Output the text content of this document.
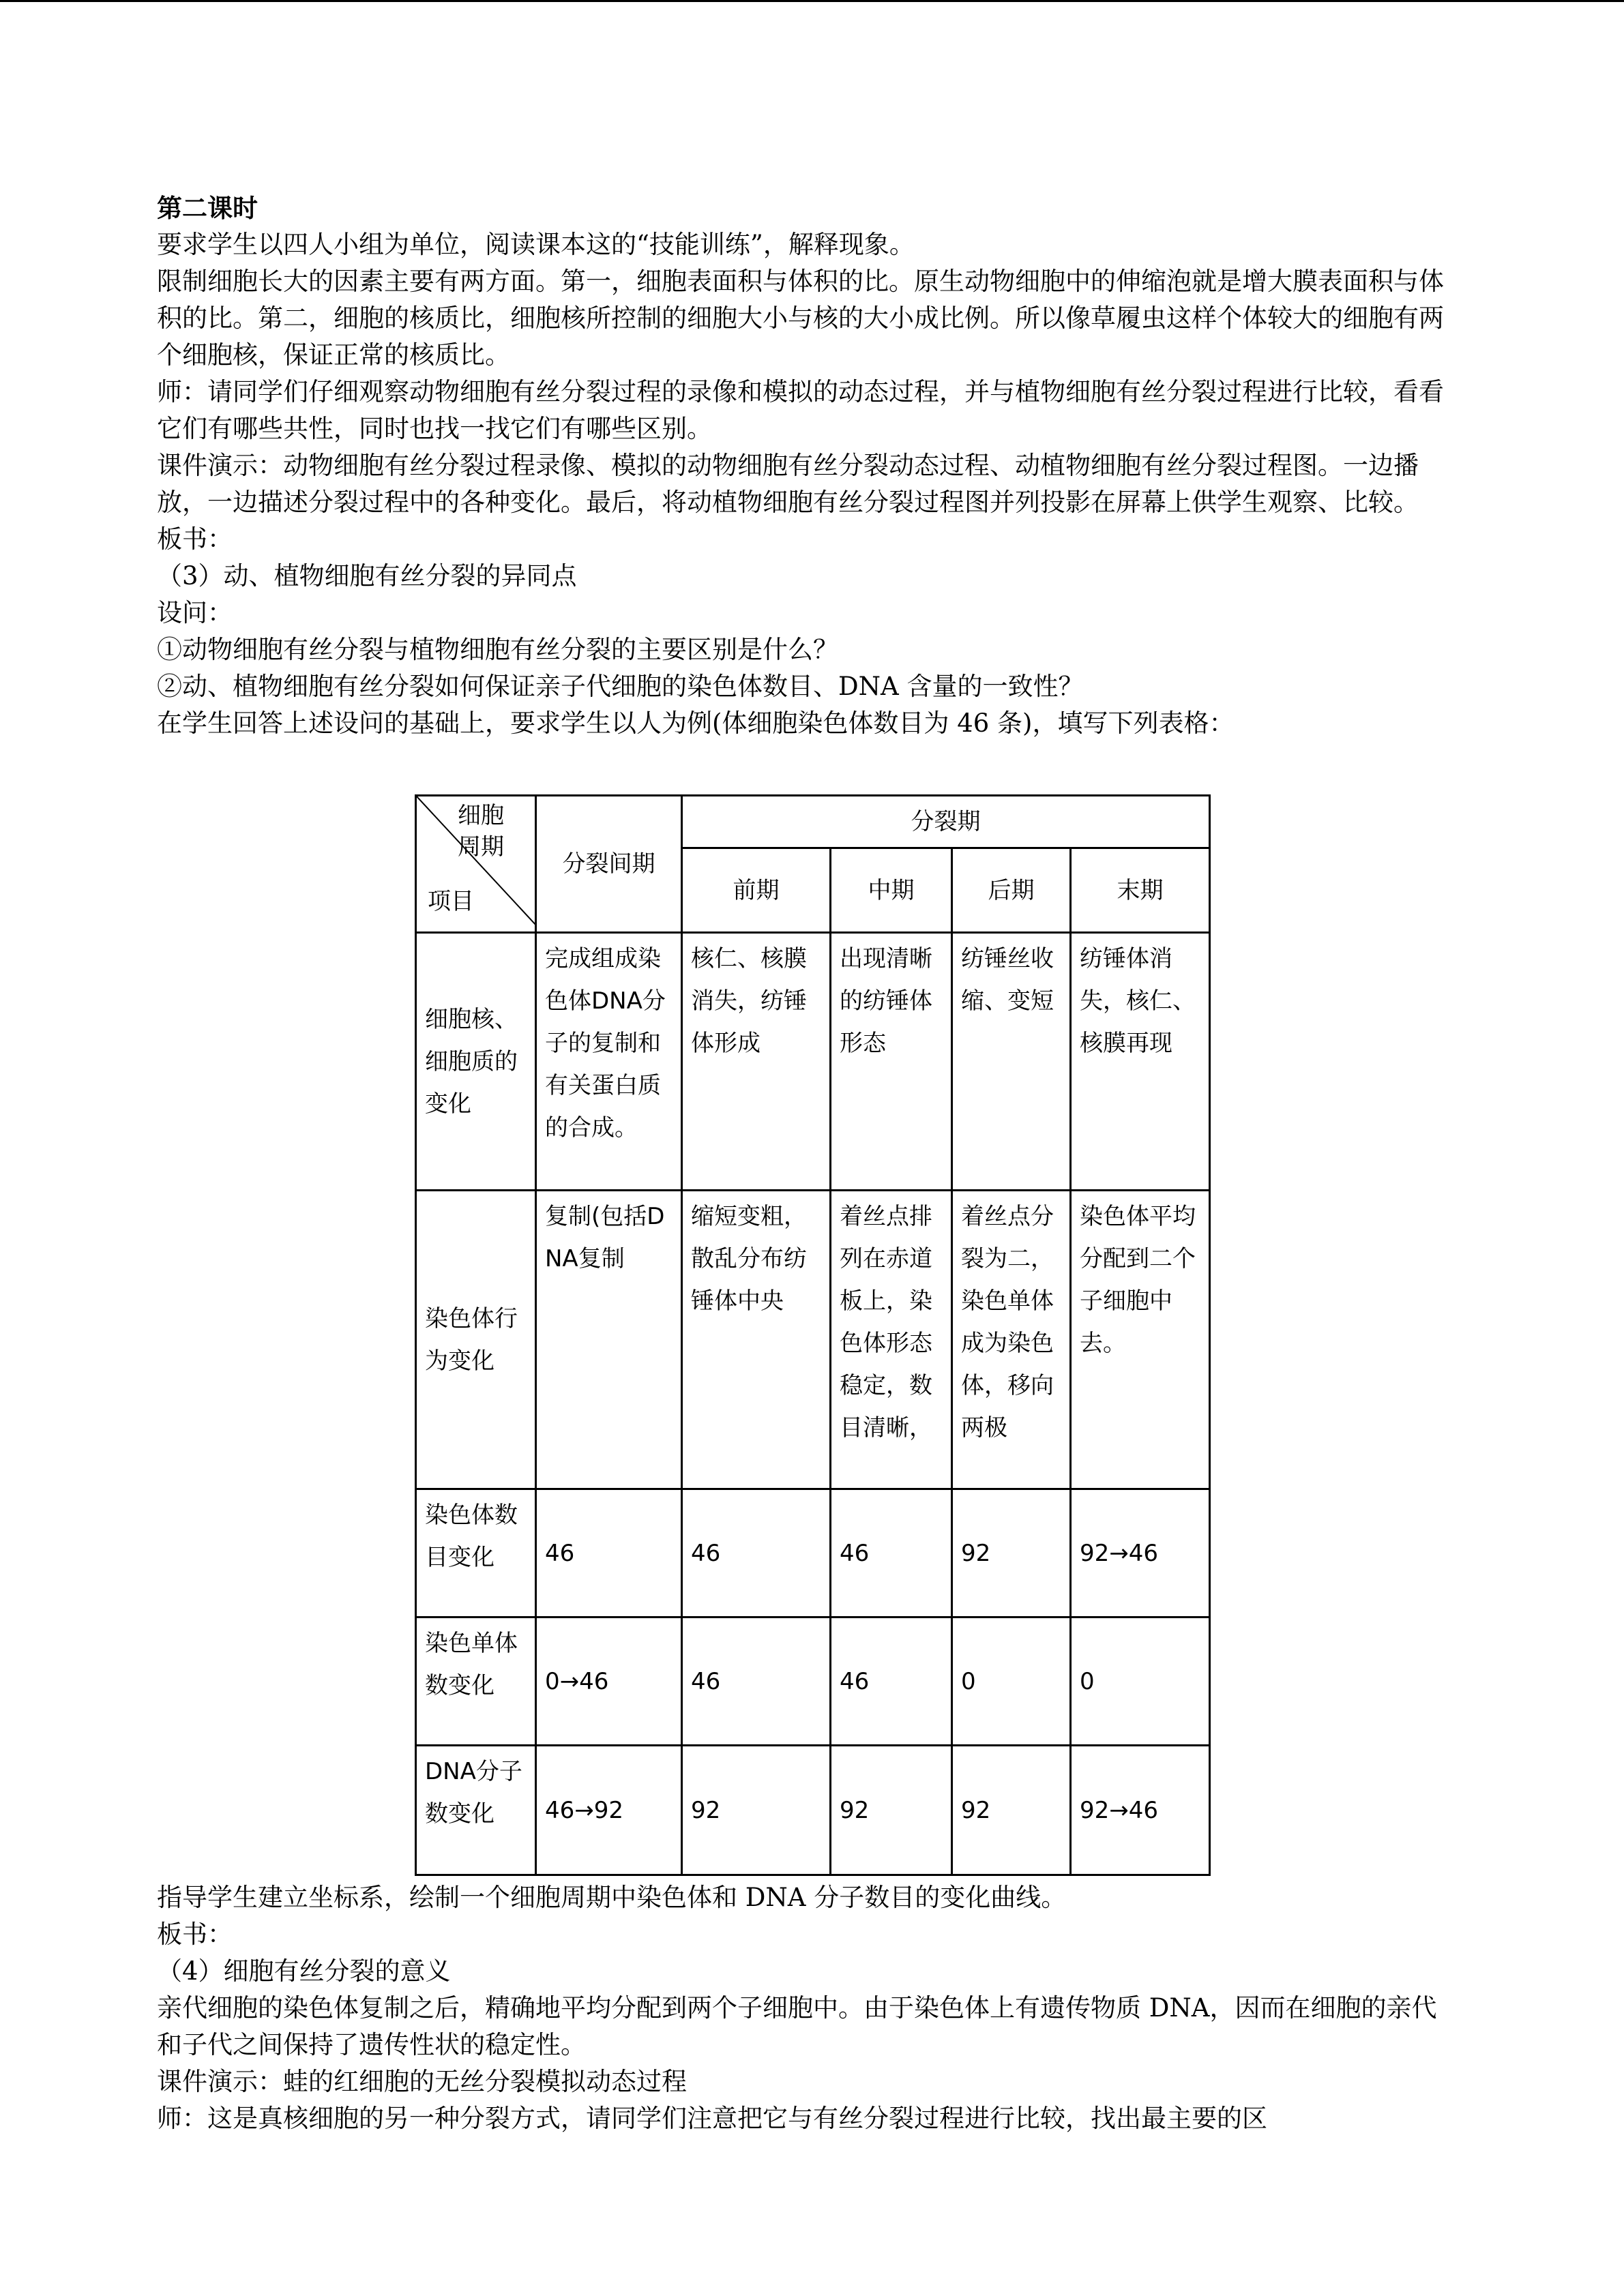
第二课时

要求学生以四人小组为单位，阅读课本这的“技能训练”，解释现象。

限制细胞长大的因素主要有两方面。第一，细胞表面积与体积的比。原生动物细胞中的伸缩泡就是增大膜表面积与体积的比。第二，细胞的核质比，细胞核所控制的细胞大小与核的大小成比例。所以像草履虫这样个体较大的细胞有两个细胞核，保证正常的核质比。

师：请同学们仔细观察动物细胞有丝分裂过程的录像和模拟的动态过程，并与植物细胞有丝分裂过程进行比较，看看它们有哪些共性，同时也找一找它们有哪些区别。

课件演示：动物细胞有丝分裂过程录像、模拟的动物细胞有丝分裂动态过程、动植物细胞有丝分裂过程图。一边播放，一边描述分裂过程中的各种变化。最后，将动植物细胞有丝分裂过程图并列投影在屏幕上供学生观察、比较。

板书：

（3）动、植物细胞有丝分裂的异同点

设问：

①动物细胞有丝分裂与植物细胞有丝分裂的主要区别是什么？

②动、植物细胞有丝分裂如何保证亲子代细胞的染色体数目、DNA 含量的一致性？

在学生回答上述设问的基础上，要求学生以人为例(体细胞染色体数目为 46 条)，填写下列表格：

细胞
周期
项目	分裂间期	分裂期			
		前期	中期	后期	末期
细胞核、细胞质的变化	完成组成染色体DNA分子的复制和有关蛋白质的合成。	核仁、核膜消失，纺锤体形成	出现清晰的纺锤体形态	纺锤丝收缩、变短	纺锤体消失，核仁、核膜再现
染色体行为变化	复制(包括DNA复制	缩短变粗，散乱分布纺锤体中央	着丝点排列在赤道板上，染色体形态稳定，数目清晰，	着丝点分裂为二，染色单体成为染色体，移向两极	染色体平均分配到二个子细胞中去。
染色体数目变化	46	46	46	92	92→46
染色单体数变化	0→46	46	46	0	0
DNA分子数变化	46→92	92	92	92	92→46

指导学生建立坐标系，绘制一个细胞周期中染色体和 DNA 分子数目的变化曲线。

板书：

（4）细胞有丝分裂的意义

亲代细胞的染色体复制之后，精确地平均分配到两个子细胞中。由于染色体上有遗传物质 DNA，因而在细胞的亲代和子代之间保持了遗传性状的稳定性。

课件演示：蛙的红细胞的无丝分裂模拟动态过程

师：这是真核细胞的另一种分裂方式，请同学们注意把它与有丝分裂过程进行比较，找出最主要的区
